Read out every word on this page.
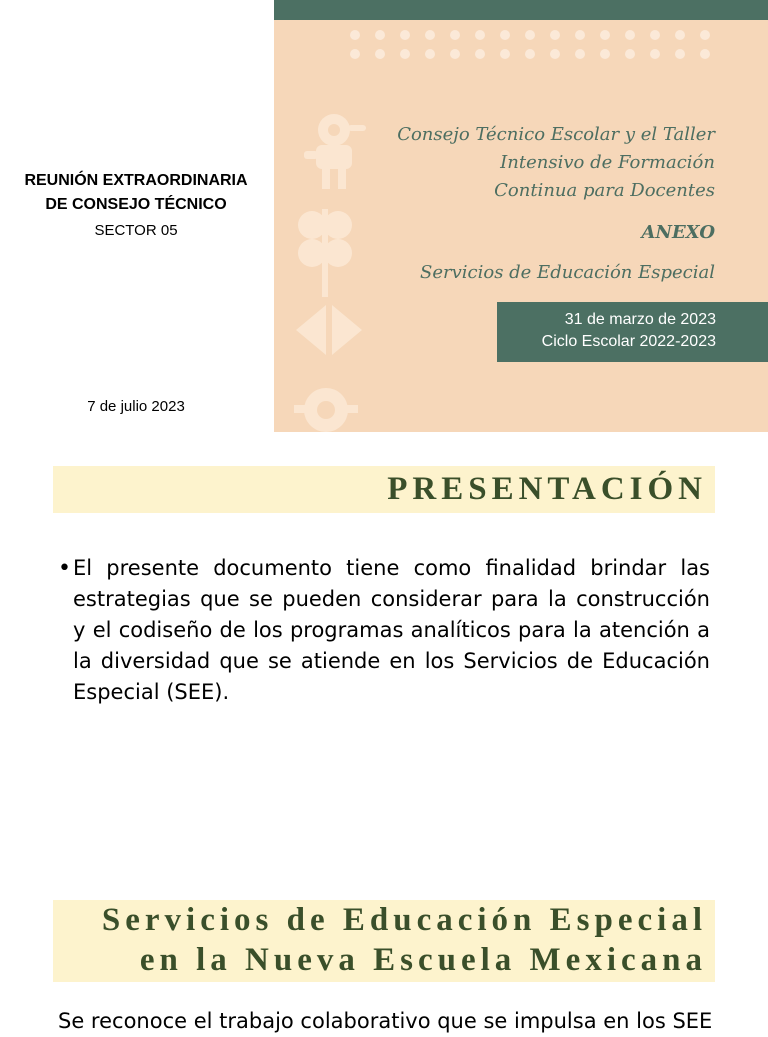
REUNIÓN EXTRAORDINARIA
DE CONSEJO TÉCNICO
SECTOR 05
7 de julio 2023
Consejo Técnico Escolar y el Taller
Intensivo de Formación
Continua para Docentes
ANEXO
Servicios de Educación Especial
31 de marzo de 2023
Ciclo Escolar 2022-2023
PRESENTACIÓN
• El presente documento tiene como finalidad brindar las estrategias que se pueden considerar para la construcción y el codiseño de los programas analíticos para la atención a la diversidad que se atiende en los Servicios de Educación Especial (SEE).
Servicios de Educación Especial
en la Nueva Escuela Mexicana
Se reconoce el trabajo colaborativo que se impulsa en los SEE
